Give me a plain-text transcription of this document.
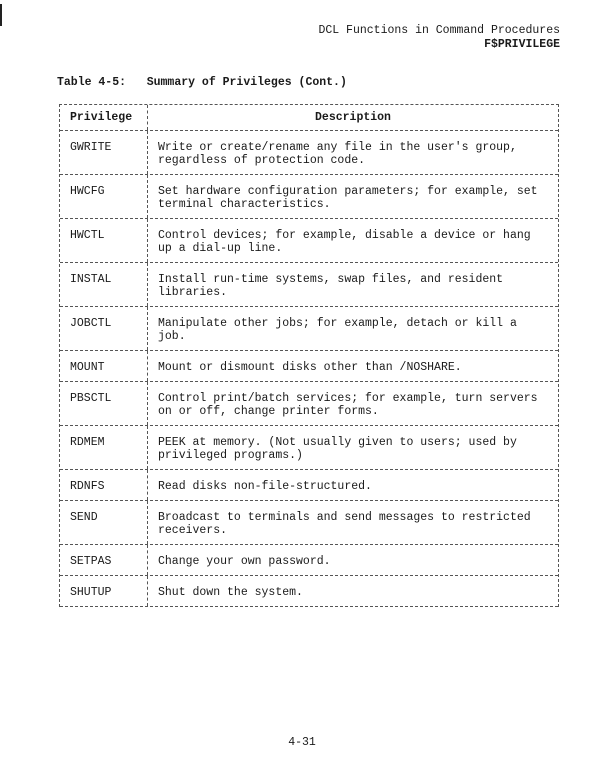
DCL Functions in Command Procedures
F$PRIVILEGE
Table 4-5:   Summary of Privileges (Cont.)
Privilege	Description
GWRITE	Write or create/rename any file in the user's group, regardless of protection code.
HWCFG	Set hardware configuration parameters; for example, set terminal characteristics.
HWCTL	Control devices; for example, disable a device or hang up a dial-up line.
INSTAL	Install run-time systems, swap files, and resident libraries.
JOBCTL	Manipulate other jobs; for example, detach or kill a job.
MOUNT	Mount or dismount disks other than /NOSHARE.
PBSCTL	Control print/batch services; for example, turn servers on or off, change printer forms.
RDMEM	PEEK at memory. (Not usually given to users; used by privileged programs.)
RDNFS	Read disks non-file-structured.
SEND	Broadcast to terminals and send messages to restricted receivers.
SETPAS	Change your own password.
SHUTUP	Shut down the system.
4-31
